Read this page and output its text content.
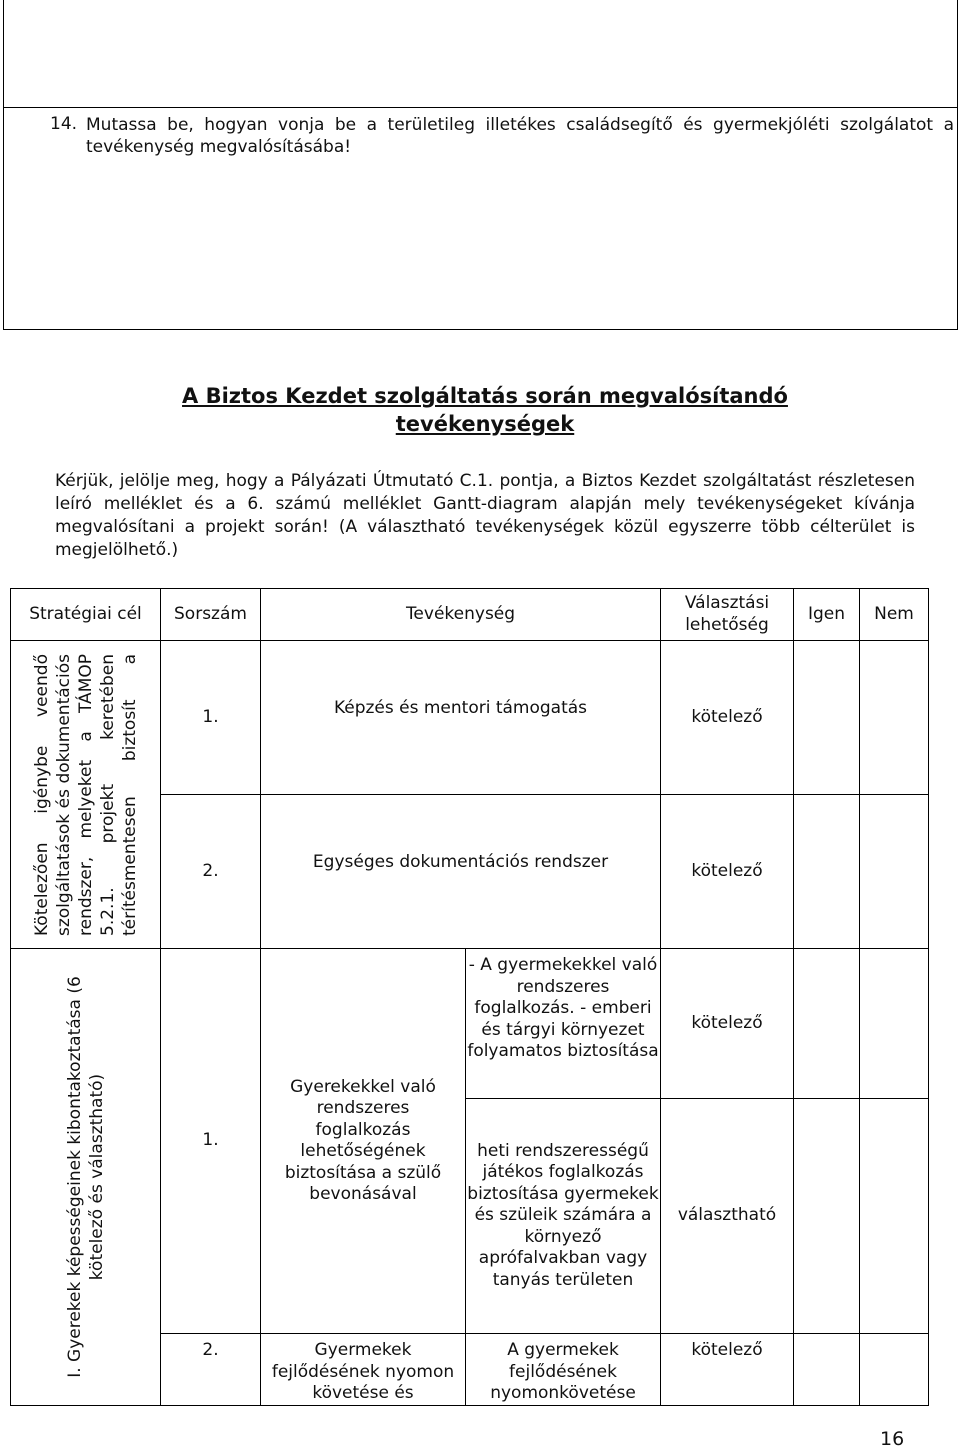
14. Mutassa be, hogyan vonja be a területileg illetékes családsegítő és gyermekjóléti szolgálatot a tevékenység megvalósításába!
A Biztos Kezdet szolgáltatás során megvalósítandó tevékenységek
Kérjük, jelölje meg, hogy a Pályázati Útmutató C.1. pontja, a Biztos Kezdet szolgáltatást részletesen leíró melléklet és a 6. számú melléklet Gantt-diagram alapján mely tevékenységeket kívánja megvalósítani a projekt során! (A választható tevékenységek közül egyszerre több célterület is megjelölhető.)
Stratégiai cél	Sorszám	Tevékenység		Választási lehetőség	Igen	Nem

Kötelezően igénybe veendő szolgáltatások és dokumentációs rendszer, melyeket a TÁMOP 5.2.1. projekt keretében térítésmentesen biztosít a	1.	Képzés és mentori támogatás		kötelező		
	2.	Egységes dokumentációs rendszer		kötelező		

I. Gyerekek képességeinek kibontakoztatása (6 kötelező és választható)	1.	Gyerekekkel való rendszeres foglalkozás lehetőségének biztosítása a szülő bevonásával	- A gyermekekkel való rendszeres foglalkozás. - emberi és tárgyi környezet folyamatos biztosítása	kötelező		
			heti rendszerességű játékos foglalkozás biztosítása gyermekek és szüleik számára a környező aprófalvakban vagy tanyás területen	választható		
	2.	Gyermekek fejlődésének nyomon követése és	A gyermekek fejlődésének nyomonkövetése	kötelező		
16
